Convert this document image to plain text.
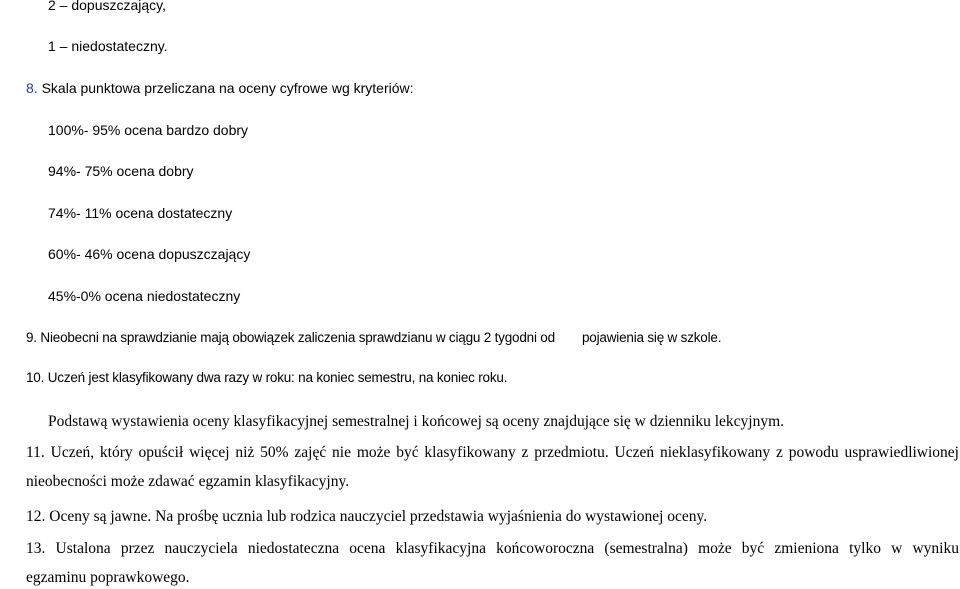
2 – dopuszczający,
1 – niedostateczny.
8. Skala punktowa przeliczana na oceny cyfrowe wg kryteriów:
100%- 95% ocena bardzo dobry
94%- 75% ocena dobry
74%- 11% ocena dostateczny
60%- 46% ocena dopuszczający
45%-0% ocena niedostateczny
9. Nieobecni na sprawdzianie mają obowiązek zaliczenia sprawdzianu w ciągu 2 tygodni od pojawienia się w szkole.
10. Uczeń jest klasyfikowany dwa razy w roku: na koniec semestru, na koniec roku.
Podstawą wystawienia oceny klasyfikacyjnej semestralnej i końcowej są oceny znajdujące się w dzienniku lekcyjnym.
11. Uczeń, który opuścił więcej niż 50% zajęć nie może być klasyfikowany z przedmiotu. Uczeń nieklasyfikowany z powodu usprawiedliwionej
nieobecności może zdawać egzamin klasyfikacyjny.
12. Oceny są jawne. Na prośbę ucznia lub rodzica nauczyciel przedstawia wyjaśnienia do wystawionej oceny.
13. Ustalona przez nauczyciela niedostateczna ocena klasyfikacyjna końcoworoczna (semestralna) może być zmieniona tylko w wyniku
egzaminu poprawkowego.
